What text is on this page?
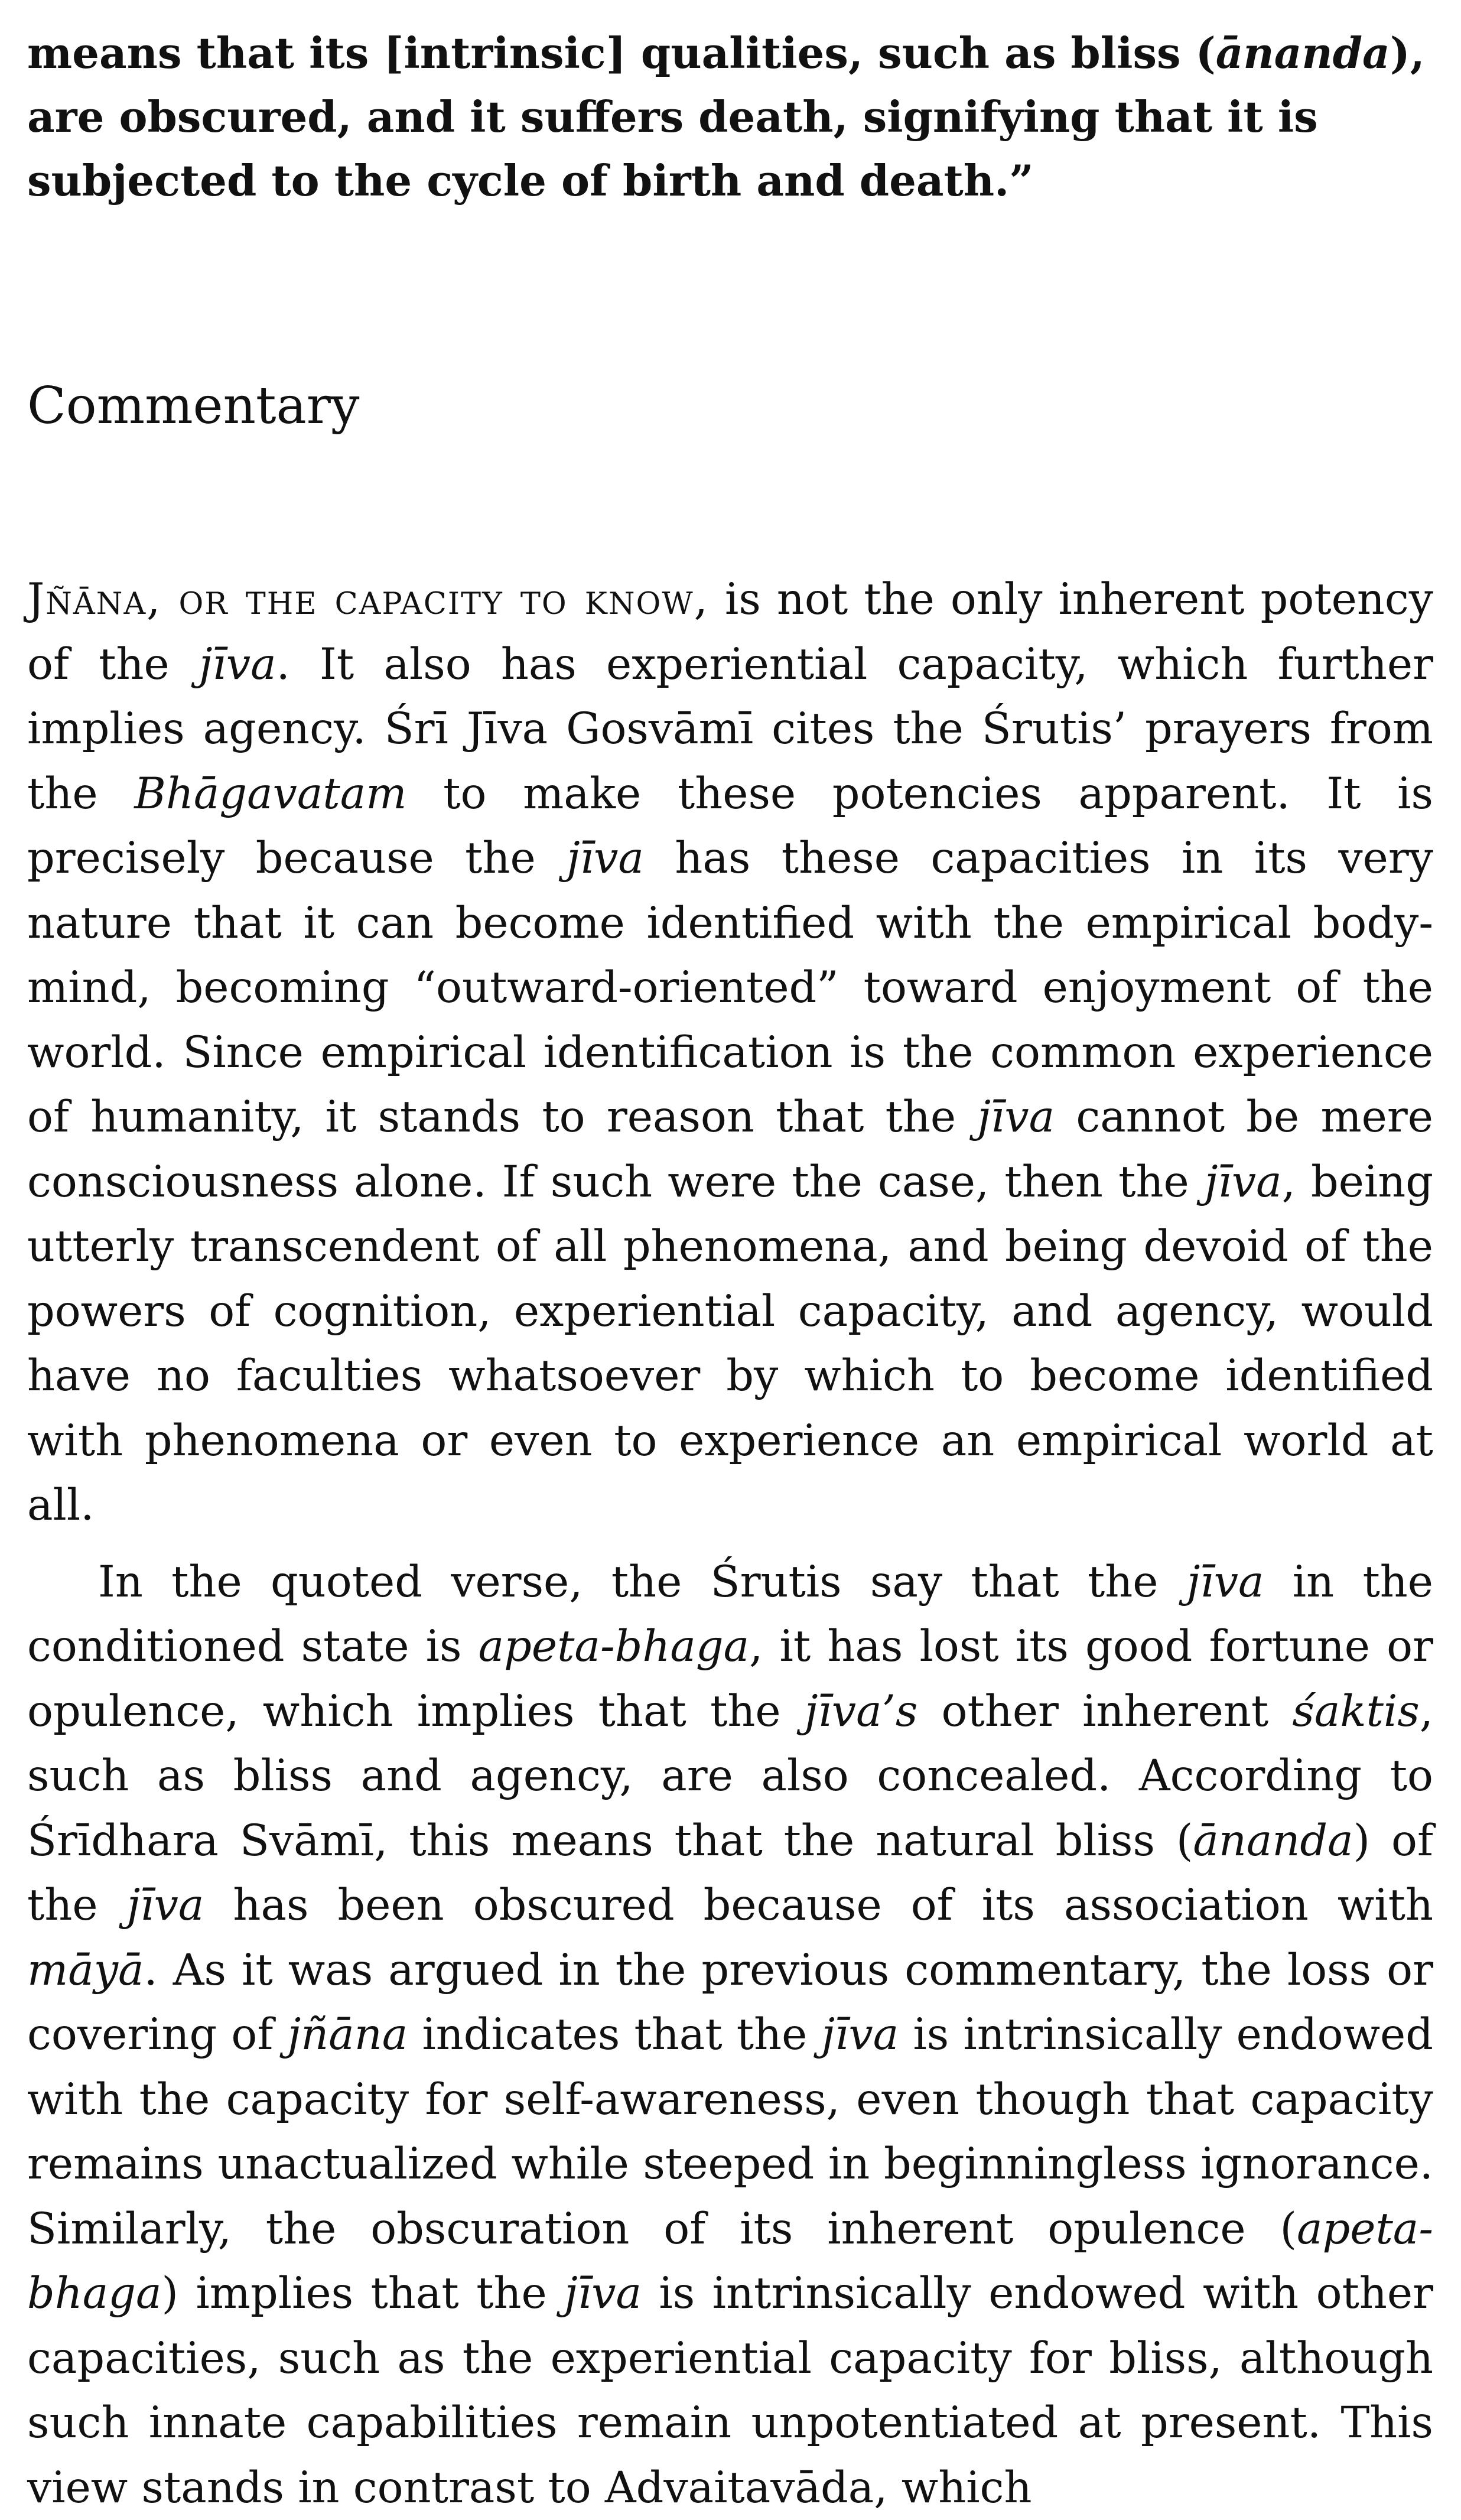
means that its [intrinsic] qualities, such as bliss (ānanda), are obscured, and it suffers death, signifying that it is subjected to the cycle of birth and death.”

Commentary

Jñāna, or the capacity to know, is not the only inherent potency of the jīva. It also has experiential capacity, which further implies agency. Śrī Jīva Gosvāmī cites the Śrutis’ prayers from the Bhāgavatam to make these potencies apparent. It is precisely because the jīva has these capacities in its very nature that it can become identified with the empirical body-mind, becoming “outward-oriented” toward enjoyment of the world. Since empirical identification is the common experience of humanity, it stands to reason that the jīva cannot be mere consciousness alone. If such were the case, then the jīva, being utterly transcendent of all phenomena, and being devoid of the powers of cognition, experiential capacity, and agency, would have no faculties whatsoever by which to become identified with phenomena or even to experience an empirical world at all.

In the quoted verse, the Śrutis say that the jīva in the conditioned state is apeta-bhaga, it has lost its good fortune or opulence, which implies that the jīva’s other inherent śaktis, such as bliss and agency, are also concealed. According to Śrīdhara Svāmī, this means that the natural bliss (ānanda) of the jīva has been obscured because of its association with māyā. As it was argued in the previous commentary, the loss or covering of jñāna indicates that the jīva is intrinsically endowed with the capacity for self-awareness, even though that capacity remains unactualized while steeped in beginningless ignorance. Similarly, the obscuration of its inherent opulence (apeta-bhaga) implies that the jīva is intrinsically endowed with other capacities, such as the experiential capacity for bliss, although such innate capabilities remain unpotentiated at present. This view stands in contrast to Advaitavāda, which
